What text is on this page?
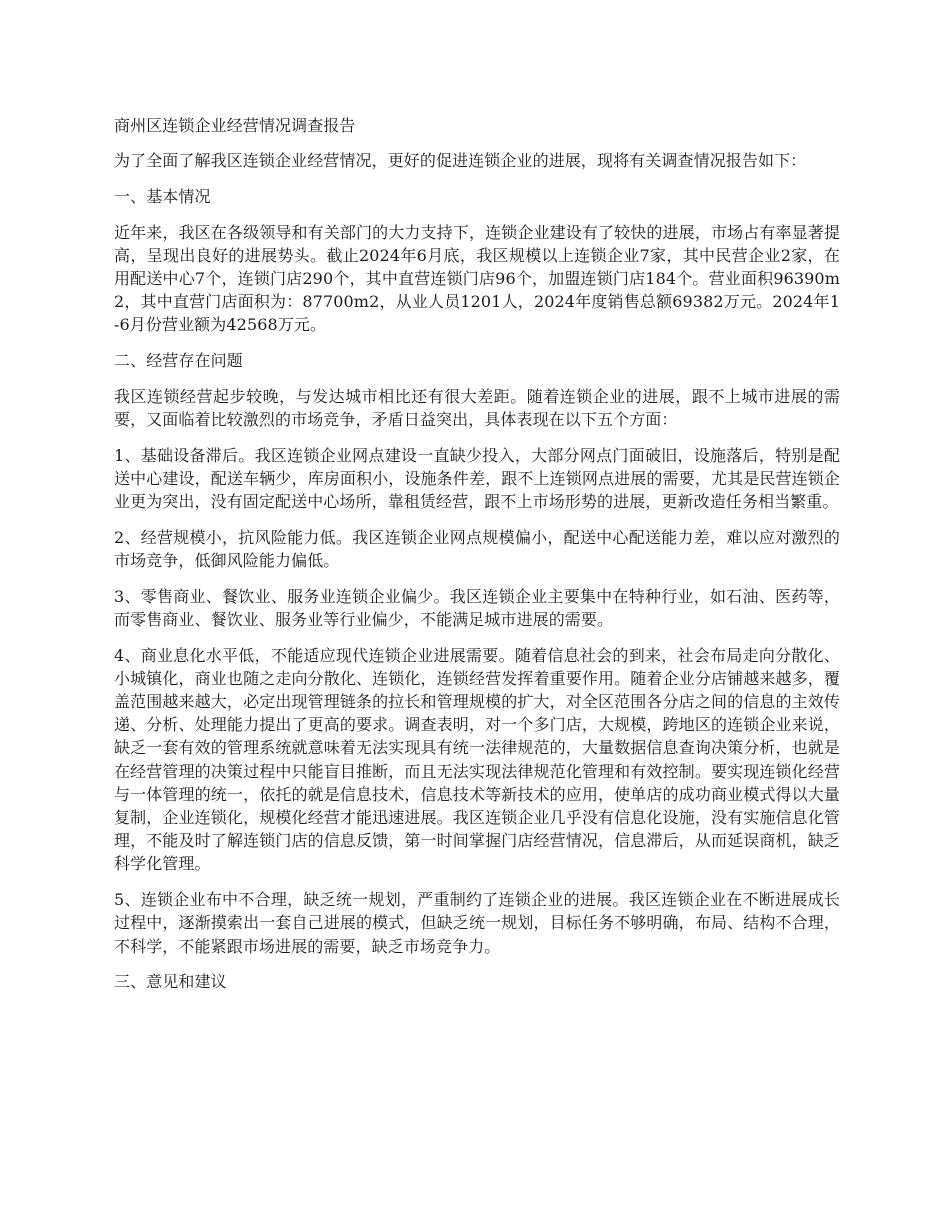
商州区连锁企业经营情况调查报告

为了全面了解我区连锁企业经营情况，更好的促进连锁企业的进展，现将有关调查情况报告如下：

一、基本情况

近年来，我区在各级领导和有关部门的大力支持下，连锁企业建设有了较快的进展，市场占有率显著提高，呈现出良好的进展势头。截止2024年6月底，我区规模以上连锁企业7家，其中民营企业2家，在用配送中心7个，连锁门店290个，其中直营连锁门店96个，加盟连锁门店184个。营业面积96390m2，其中直营门店面积为：87700m2，从业人员1201人，2024年度销售总额69382万元。2024年1-6月份营业额为42568万元。

二、经营存在问题

我区连锁经营起步较晚，与发达城市相比还有很大差距。随着连锁企业的进展，跟不上城市进展的需要，又面临着比较激烈的市场竞争，矛盾日益突出，具体表现在以下五个方面：

1、基础设备滞后。我区连锁企业网点建设一直缺少投入，大部分网点门面破旧，设施落后，特别是配送中心建设，配送车辆少，库房面积小，设施条件差，跟不上连锁网点进展的需要，尤其是民营连锁企业更为突出，没有固定配送中心场所，靠租赁经营，跟不上市场形势的进展，更新改造任务相当繁重。

2、经营规模小，抗风险能力低。我区连锁企业网点规模偏小，配送中心配送能力差，难以应对激烈的市场竞争，低御风险能力偏低。

3、零售商业、餐饮业、服务业连锁企业偏少。我区连锁企业主要集中在特种行业，如石油、医药等，而零售商业、餐饮业、服务业等行业偏少，不能满足城市进展的需要。

4、商业息化水平低，不能适应现代连锁企业进展需要。随着信息社会的到来，社会布局走向分散化、小城镇化，商业也随之走向分散化、连锁化，连锁经营发挥着重要作用。随着企业分店铺越来越多，覆盖范围越来越大，必定出现管理链条的拉长和管理规模的扩大，对全区范围各分店之间的信息的主效传递、分析、处理能力提出了更高的要求。调查表明，对一个多门店，大规模，跨地区的连锁企业来说，缺乏一套有效的管理系统就意味着无法实现具有统一法律规范的，大量数据信息查询决策分析，也就是在经营管理的决策过程中只能盲目推断，而且无法实现法律规范化管理和有效控制。要实现连锁化经营与一体管理的统一，依托的就是信息技术，信息技术等新技术的应用，使单店的成功商业模式得以大量复制，企业连锁化，规模化经营才能迅速进展。我区连锁企业几乎没有信息化设施，没有实施信息化管理，不能及时了解连锁门店的信息反馈，第一时间掌握门店经营情况，信息滞后，从而延误商机，缺乏科学化管理。

5、连锁企业布中不合理，缺乏统一规划，严重制约了连锁企业的进展。我区连锁企业在不断进展成长过程中，逐渐摸索出一套自己进展的模式，但缺乏统一规划，目标任务不够明确，布局、结构不合理，不科学，不能紧跟市场进展的需要，缺乏市场竞争力。

三、意见和建议
